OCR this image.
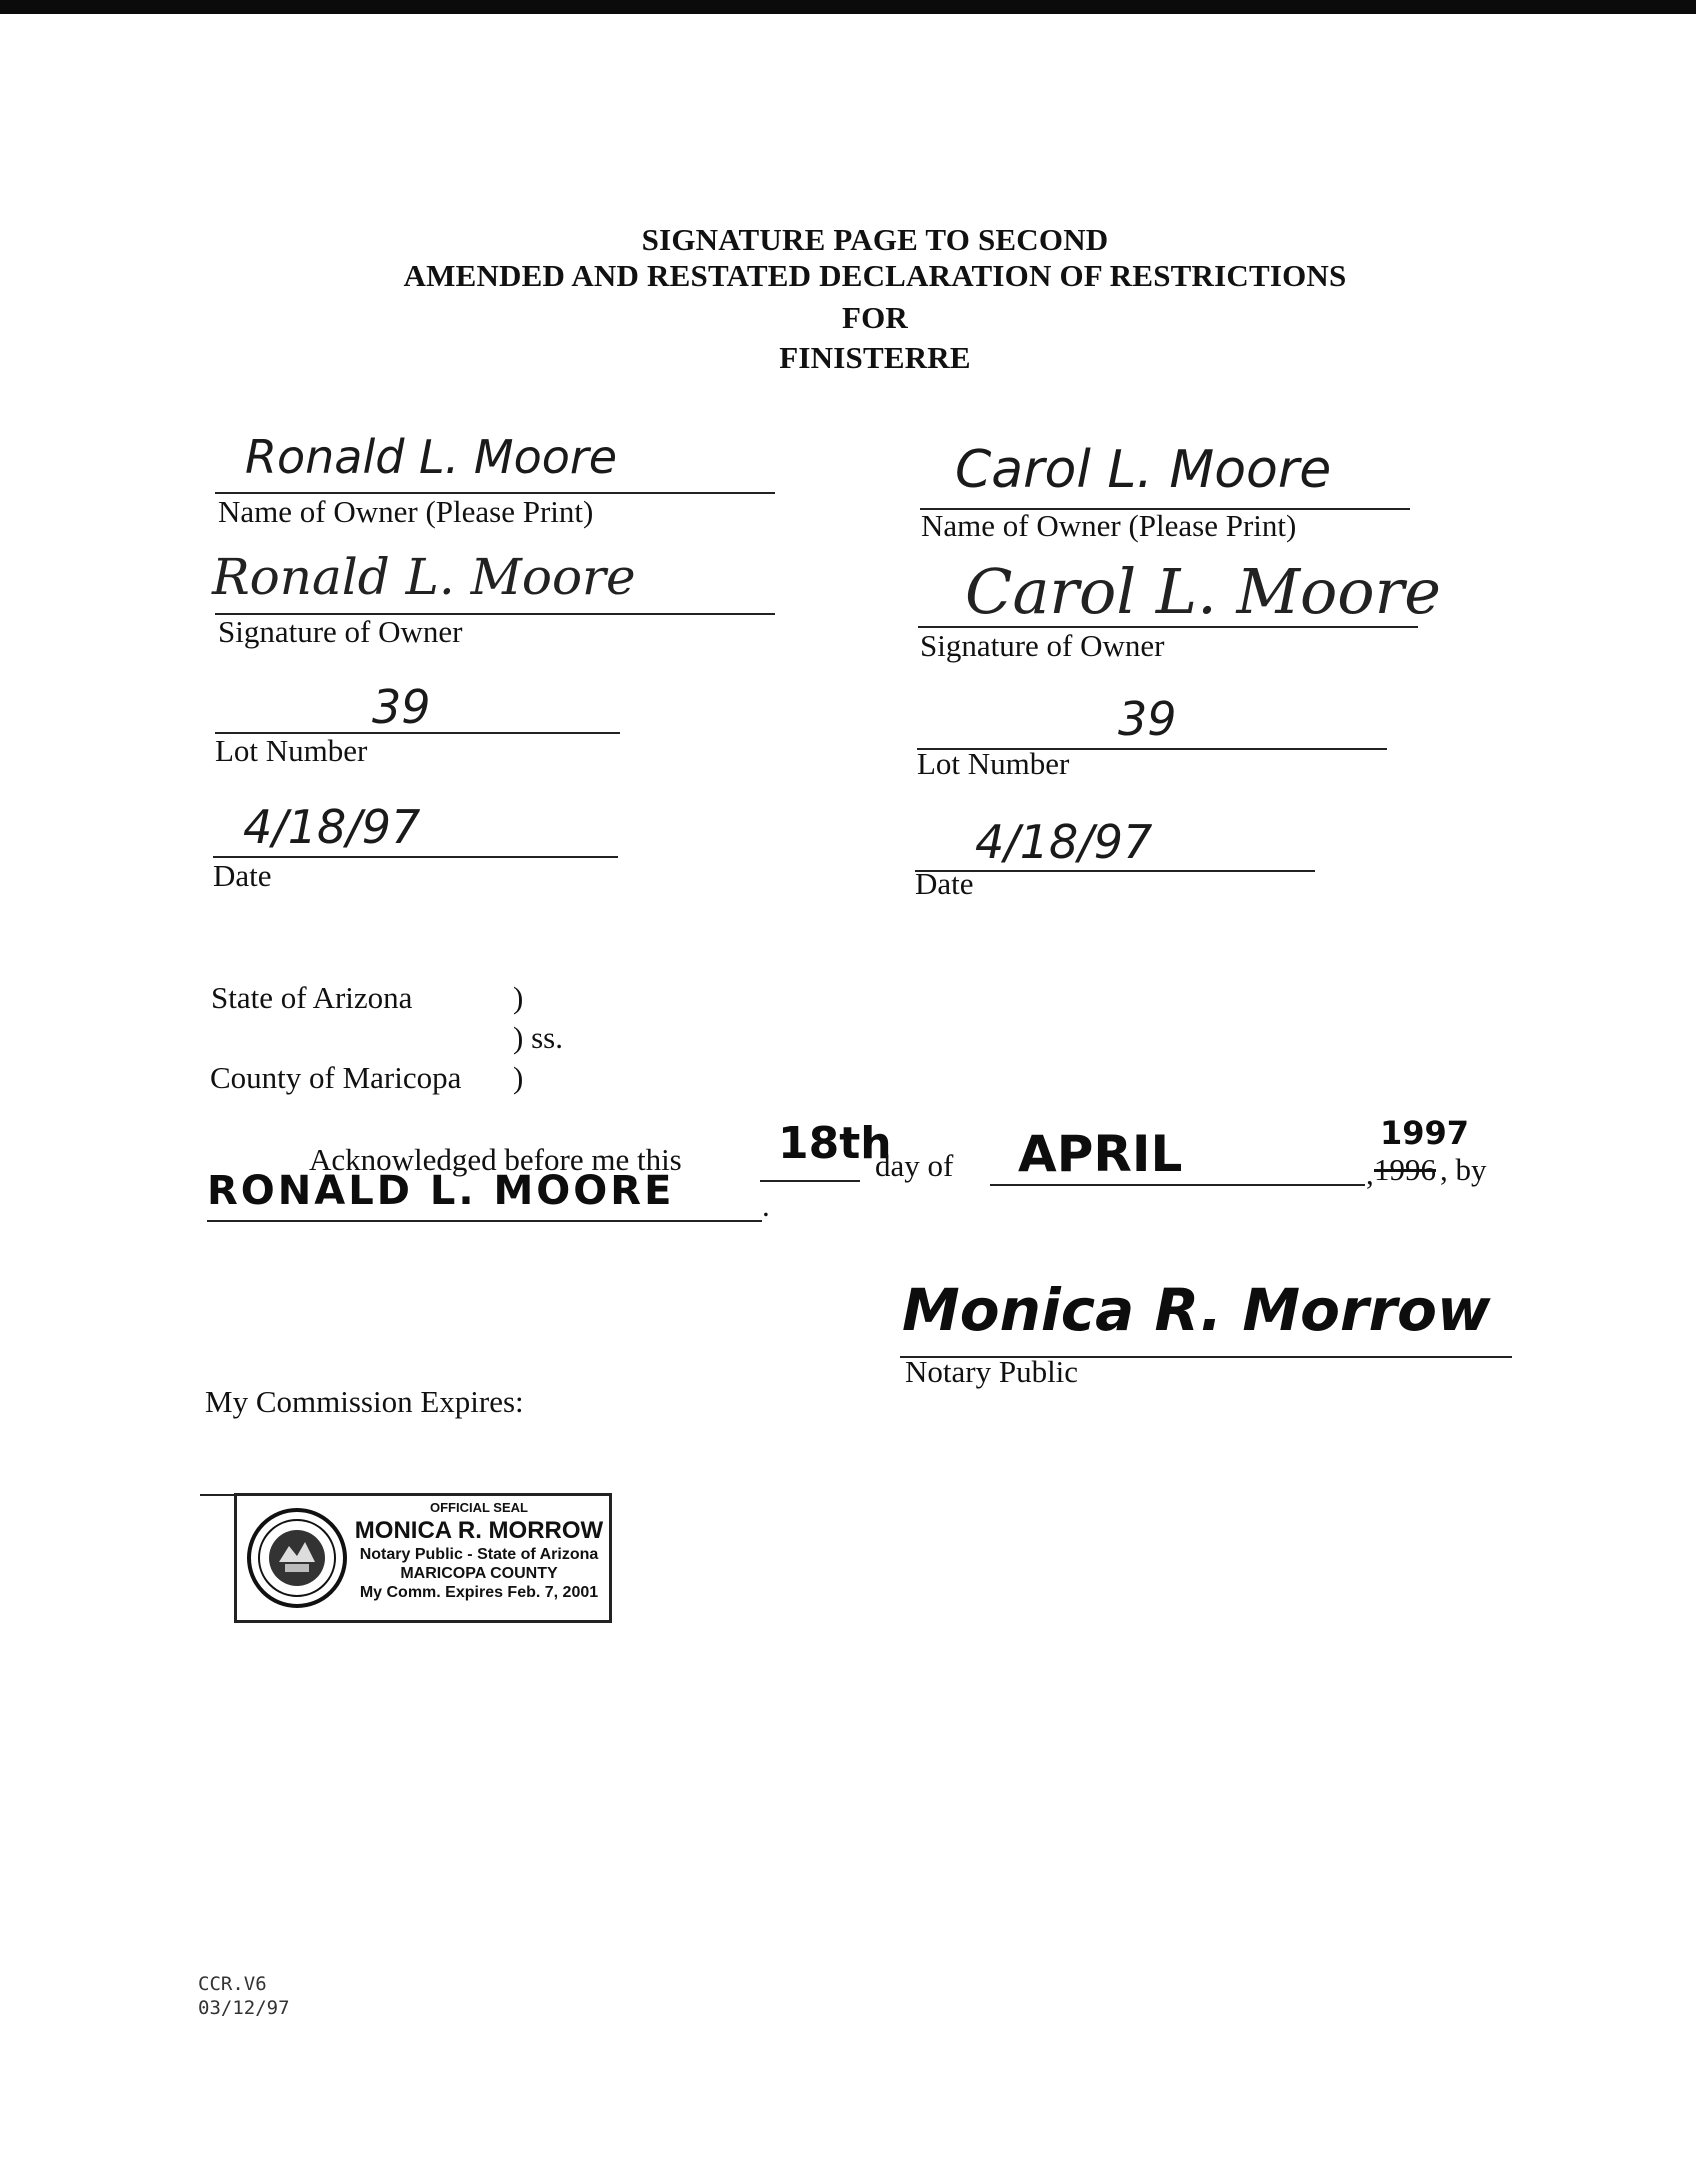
SIGNATURE PAGE TO SECOND
AMENDED AND RESTATED DECLARATION OF RESTRICTIONS
FOR
FINISTERRE
Ronald L. Moore
Name of Owner (Please Print)
Ronald L. Moore
Signature of Owner
39
Lot Number
4/18/97
Date
Carol L. Moore
Name of Owner (Please Print)
Carol L. Moore
Signature of Owner
39
Lot Number
4/18/97
Date
State of Arizona	)
) ss.
County of Maricopa )
Acknowledged before me this 18th
day of APRIL	1997
1996
, , by
RONALD L. MOORE	.
Monica R. Morrow
Notary Public
My Commission Expires:
OFFICIAL SEAL
MONICA R. MORROW
Notary Public - State of Arizona
MARICOPA COUNTY
My Comm. Expires Feb. 7, 2001
CCR.V6
03/12/97
